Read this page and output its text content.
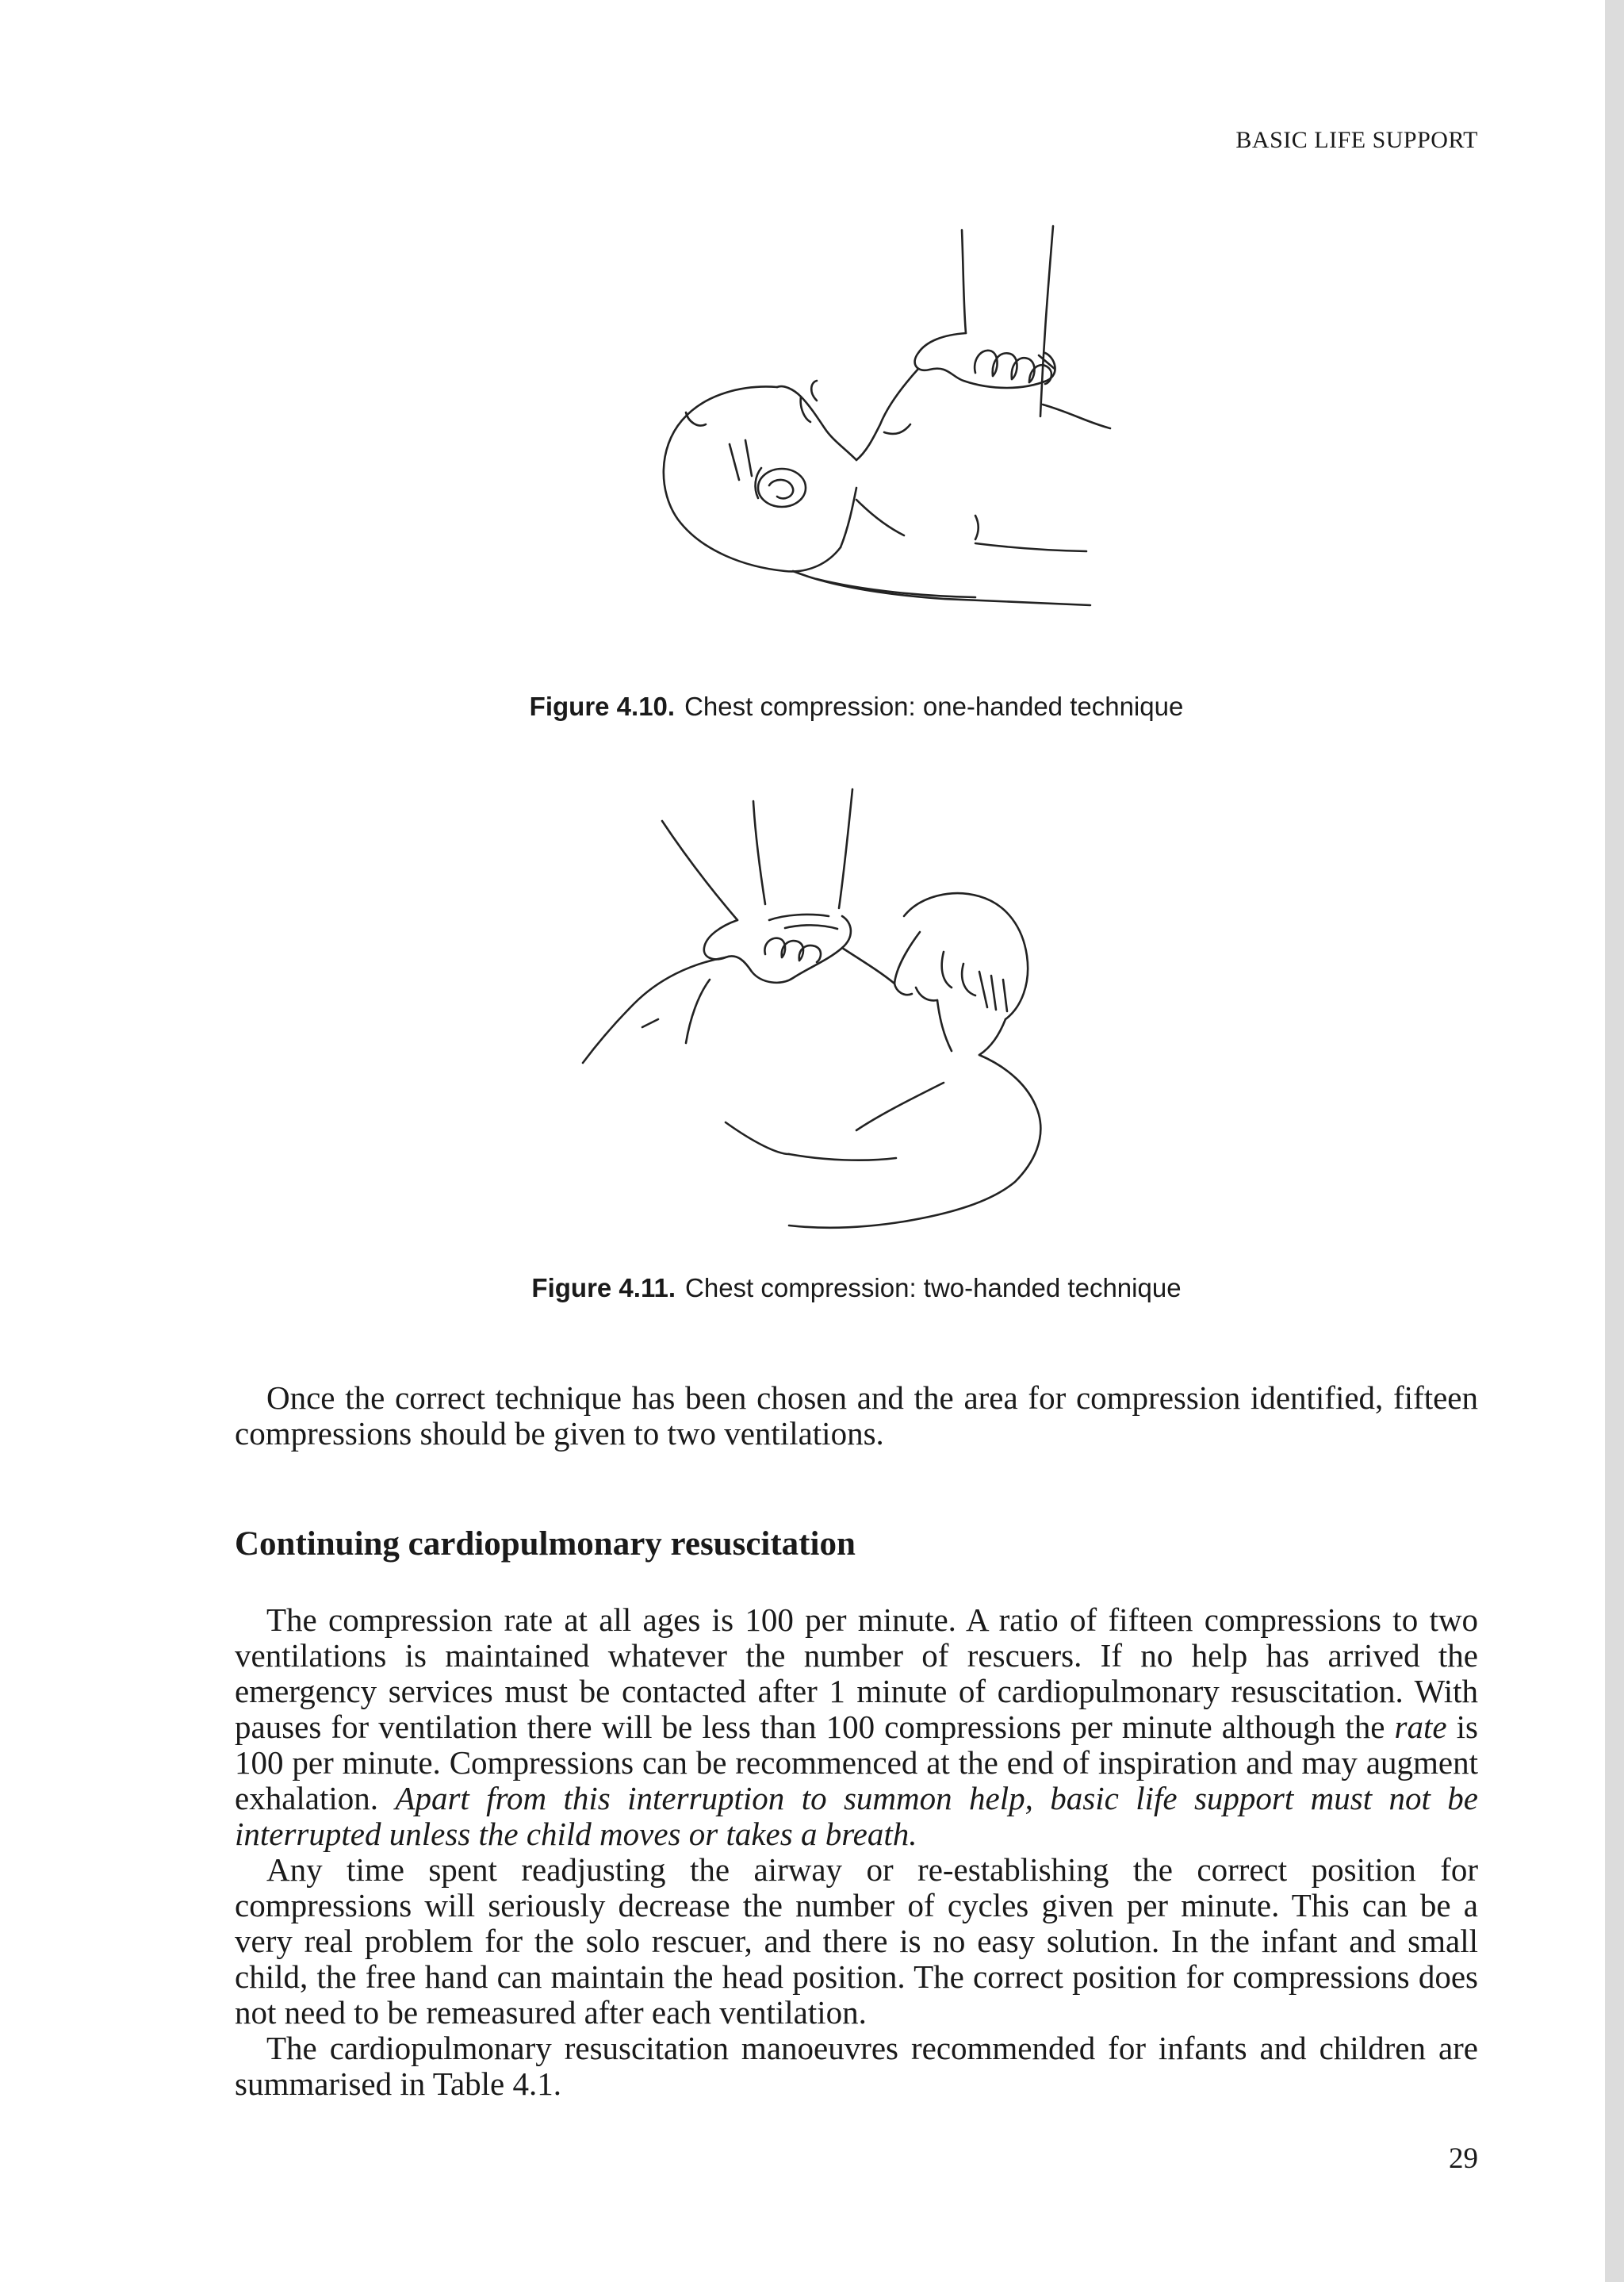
BASIC LIFE SUPPORT
Figure 4.10. Chest compression: one-handed technique
Figure 4.11. Chest compression: two-handed technique

Once the correct technique has been chosen and the area for compression identified, fifteen compressions should be given to two ventilations.

Continuing cardiopulmonary resuscitation

The compression rate at all ages is 100 per minute. A ratio of fifteen compressions to two ventilations is maintained whatever the number of rescuers. If no help has arrived the emergency services must be contacted after 1 minute of cardiopulmonary resuscitation. With pauses for ventilation there will be less than 100 compressions per minute although the rate is 100 per minute. Compressions can be recommenced at the end of inspiration and may augment exhalation. Apart from this interruption to summon help, basic life support must not be interrupted unless the child moves or takes a breath.

Any time spent readjusting the airway or re-establishing the correct position for compressions will seriously decrease the number of cycles given per minute. This can be a very real problem for the solo rescuer, and there is no easy solution. In the infant and small child, the free hand can maintain the head position. The correct position for compressions does not need to be remeasured after each ventilation.

The cardiopulmonary resuscitation manoeuvres recommended for infants and children are summarised in Table 4.1.

29
